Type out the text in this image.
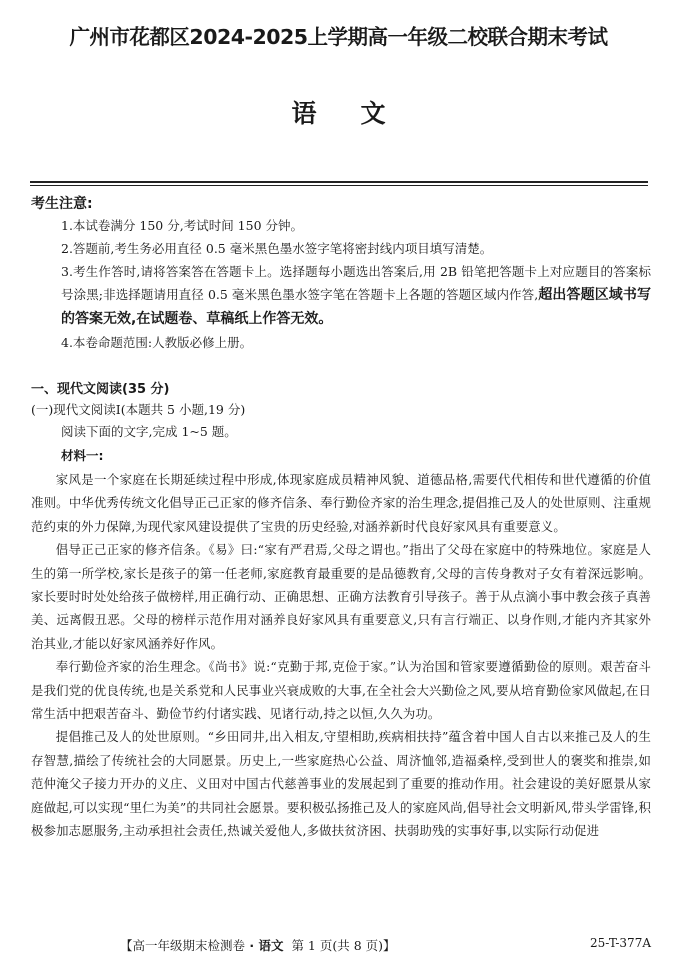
广州市花都区2024-2025上学期高一年级二校联合期末考试
语文
考生注意:
1.本试卷满分 150 分,考试时间 150 分钟。
2.答题前,考生务必用直径 0.5 毫米黑色墨水签字笔将密封线内项目填写清楚。
3.考生作答时,请将答案答在答题卡上。选择题每小题选出答案后,用 2B 铅笔把答题卡上对应题目的答案标号涂黑;非选择题请用直径 0.5 毫米黑色墨水签字笔在答题卡上各题的答题区域内作答,超出答题区域书写的答案无效,在试题卷、草稿纸上作答无效。
4.本卷命题范围:人教版必修上册。
一、现代文阅读(35 分)
(一)现代文阅读Ⅰ(本题共 5 小题,19 分)
阅读下面的文字,完成 1~5 题。
材料一:

家风是一个家庭在长期延续过程中形成,体现家庭成员精神风貌、道德品格,需要代代相传和世代遵循的价值准则。中华优秀传统文化倡导正己正家的修齐信条、奉行勤俭齐家的治生理念,提倡推己及人的处世原则、注重规范约束的外力保障,为现代家风建设提供了宝贵的历史经验,对涵养新时代良好家风具有重要意义。

倡导正己正家的修齐信条。《易》曰:“家有严君焉,父母之谓也。”指出了父母在家庭中的特殊地位。家庭是人生的第一所学校,家长是孩子的第一任老师,家庭教育最重要的是品德教育,父母的言传身教对子女有着深远影响。家长要时时处处给孩子做榜样,用正确行动、正确思想、正确方法教育引导孩子。善于从点滴小事中教会孩子真善美、远离假丑恶。父母的榜样示范作用对涵养良好家风具有重要意义,只有言行端正、以身作则,才能内齐其家外治其业,才能以好家风涵养好作风。

奉行勤俭齐家的治生理念。《尚书》说:“克勤于邦,克俭于家。”认为治国和管家要遵循勤俭的原则。艰苦奋斗是我们党的优良传统,也是关系党和人民事业兴衰成败的大事,在全社会大兴勤俭之风,要从培育勤俭家风做起,在日常生活中把艰苦奋斗、勤俭节约付诸实践、见诸行动,持之以恒,久久为功。

提倡推己及人的处世原则。“乡田同井,出入相友,守望相助,疾病相扶持”蕴含着中国人自古以来推己及人的生存智慧,描绘了传统社会的大同愿景。历史上,一些家庭热心公益、周济恤邻,造福桑梓,受到世人的褒奖和推崇,如范仲淹父子接力开办的义庄、义田对中国古代慈善事业的发展起到了重要的推动作用。社会建设的美好愿景从家庭做起,可以实现“里仁为美”的共同社会愿景。要积极弘扬推己及人的家庭风尚,倡导社会文明新风,带头学雷锋,积极参加志愿服务,主动承担社会责任,热诚关爱他人,多做扶贫济困、扶弱助残的实事好事,以实际行动促进

【高一年级期末检测卷 · 语文 第 1 页(共 8 页)】	25-T-377A
